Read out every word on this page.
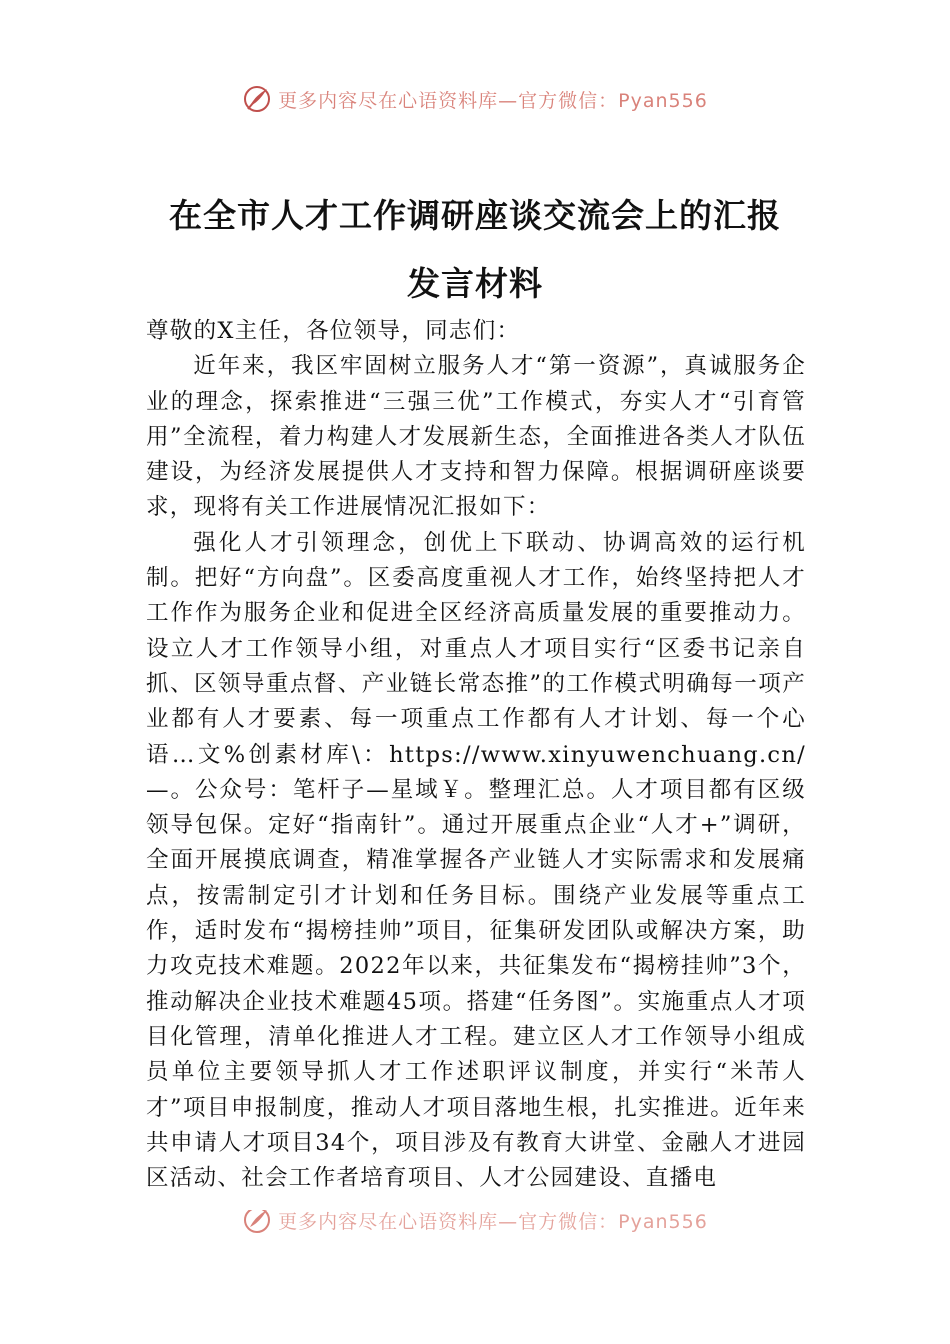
更多内容尽在心语资料库—官方微信：Pyan556
在全市人才工作调研座谈交流会上的汇报
发言材料

尊敬的X主任，各位领导，同志们：

近年来，我区牢固树立服务人才“第一资源”，真诚服务企业的理念，探索推进“三强三优”工作模式，夯实人才“引育管用”全流程，着力构建人才发展新生态，全面推进各类人才队伍建设，为经济发展提供人才支持和智力保障。根据调研座谈要求，现将有关工作进展情况汇报如下：

强化人才引领理念，创优上下联动、协调高效的运行机制。把好“方向盘”。区委高度重视人才工作，始终坚持把人才工作作为服务企业和促进全区经济高质量发展的重要推动力。设立人才工作领导小组，对重点人才项目实行“区委书记亲自抓、区领导重点督、产业链长常态推”的工作模式明确每一项产业都有人才要素、每一项重点工作都有人才计划、每一个心语…文%创素材库\：https://www.xinyuwenchuang.cn/—。公众号：笔杆子—星域￥。整理汇总。人才项目都有区级领导包保。定好“指南针”。通过开展重点企业“人才+”调研，全面开展摸底调查，精准掌握各产业链人才实际需求和发展痛点，按需制定引才计划和任务目标。围绕产业发展等重点工作，适时发布“揭榜挂帅”项目，征集研发团队或解决方案，助力攻克技术难题。2022年以来，共征集发布“揭榜挂帅”3个，推动解决企业技术难题45项。搭建“任务图”。实施重点人才项目化管理，清单化推进人才工程。建立区人才工作领导小组成员单位主要领导抓人才工作述职评议制度，并实行“米芾人才”项目申报制度，推动人才项目落地生根，扎实推进。近年来共申请人才项目34个，项目涉及有教育大讲堂、金融人才进园区活动、社会工作者培育项目、人才公园建设、直播电

更多内容尽在心语资料库—官方微信：Pyan556
